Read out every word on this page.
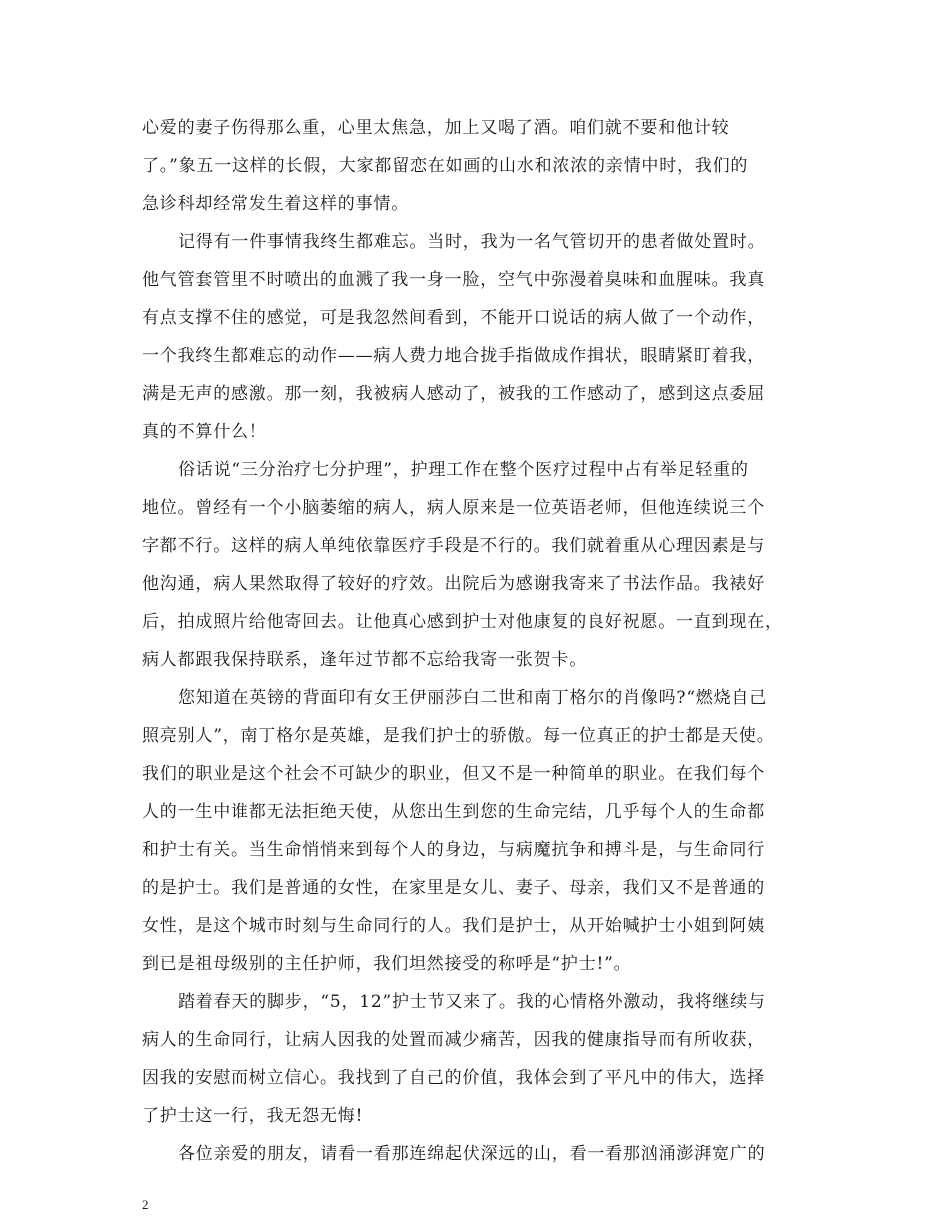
心爱的妻子伤得那么重，心里太焦急，加上又喝了酒。咱们就不要和他计较
了。”象五一这样的长假，大家都留恋在如画的山水和浓浓的亲情中时，我们的
急诊科却经常发生着这样的事情。
记得有一件事情我终生都难忘。当时，我为一名气管切开的患者做处置时。
他气管套管里不时喷出的血溅了我一身一脸，空气中弥漫着臭味和血腥味。我真
有点支撑不住的感觉，可是我忽然间看到，不能开口说话的病人做了一个动作，
一个我终生都难忘的动作——病人费力地合拢手指做成作揖状，眼睛紧盯着我，
满是无声的感激。那一刻，我被病人感动了，被我的工作感动了，感到这点委屈
真的不算什么！
俗话说“三分治疗七分护理”，护理工作在整个医疗过程中占有举足轻重的
地位。曾经有一个小脑萎缩的病人，病人原来是一位英语老师，但他连续说三个
字都不行。这样的病人单纯依靠医疗手段是不行的。我们就着重从心理因素是与
他沟通，病人果然取得了较好的疗效。出院后为感谢我寄来了书法作品。我裱好
后，拍成照片给他寄回去。让他真心感到护士对他康复的良好祝愿。一直到现在，
病人都跟我保持联系，逢年过节都不忘给我寄一张贺卡。
您知道在英镑的背面印有女王伊丽莎白二世和南丁格尔的肖像吗?“燃烧自己
照亮别人”，南丁格尔是英雄，是我们护士的骄傲。每一位真正的护士都是天使。
我们的职业是这个社会不可缺少的职业，但又不是一种简单的职业。在我们每个
人的一生中谁都无法拒绝天使，从您出生到您的生命完结，几乎每个人的生命都
和护士有关。当生命悄悄来到每个人的身边，与病魔抗争和搏斗是，与生命同行
的是护士。我们是普通的女性，在家里是女儿、妻子、母亲，我们又不是普通的
女性，是这个城市时刻与生命同行的人。我们是护士，从开始喊护士小姐到阿姨
到已是祖母级别的主任护师，我们坦然接受的称呼是“护士!”。
踏着春天的脚步，“5，12”护士节又来了。我的心情格外激动，我将继续与
病人的生命同行，让病人因我的处置而减少痛苦，因我的健康指导而有所收获，
因我的安慰而树立信心。我找到了自己的价值，我体会到了平凡中的伟大，选择
了护士这一行，我无怨无悔!
各位亲爱的朋友，请看一看那连绵起伏深远的山，看一看那汹涌澎湃宽广的
2
